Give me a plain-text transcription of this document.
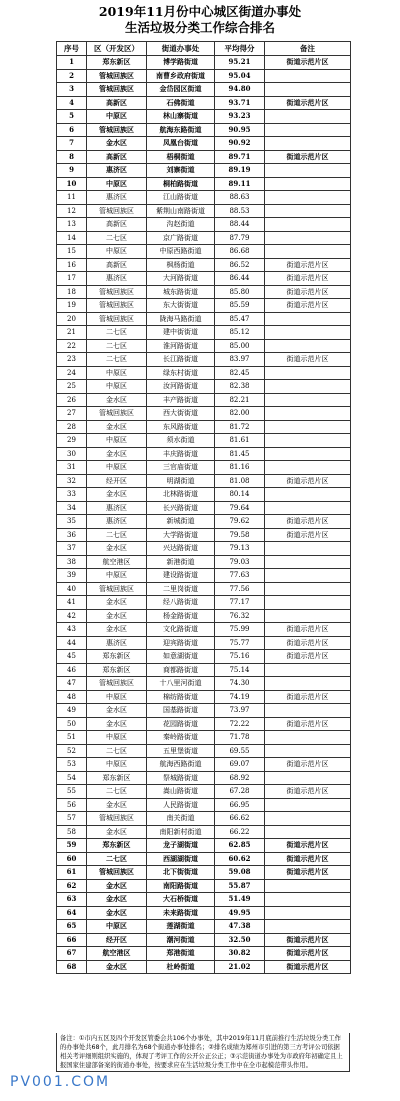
2019年11月份中心城区街道办事处
生活垃圾分类工作综合排名
序号	区（开发区）	街道办事处	平均得分	备注
1	郑东新区	博学路街道	95.21	街道示范片区
2	管城回族区	南曹乡政府街道	95.04	
3	管城回族区	金岱园区街道	94.80	
4	高新区	石佛街道	93.71	街道示范片区
5	中原区	林山寨街道	93.23	
6	管城回族区	航海东路街道	90.95	
7	金水区	凤凰台街道	90.92	
8	高新区	梧桐街道	89.71	街道示范片区
9	惠济区	刘寨街道	89.19	
10	中原区	桐柏路街道	89.11	
11	惠济区	江山路街道	88.63	
12	管城回族区	紫荆山南路街道	88.53	
13	高新区	沟赵街道	88.44	
14	二七区	京广路街道	87.79	
15	中原区	中原西路街道	86.68	
16	高新区	枫杨街道	86.52	街道示范片区
17	惠济区	大河路街道	86.44	街道示范片区
18	管城回族区	城东路街道	85.80	街道示范片区
19	管城回族区	东大街街道	85.59	街道示范片区
20	管城回族区	陇海马路街道	85.47	
21	二七区	建中街街道	85.12	
22	二七区	淮河路街道	85.00	
23	二七区	长江路街道	83.97	街道示范片区
24	中原区	绿东村街道	82.45	
25	中原区	汝河路街道	82.38	
26	金水区	丰产路街道	82.21	
27	管城回族区	西大街街道	82.00	
28	金水区	东风路街道	81.72	
29	中原区	须水街道	81.61	
30	金水区	丰庆路街道	81.45	
31	中原区	三官庙街道	81.16	
32	经开区	明湖街道	81.08	街道示范片区
33	金水区	北林路街道	80.14	
34	惠济区	长兴路街道	79.64	
35	惠济区	新城街道	79.62	街道示范片区
36	二七区	大学路街道	79.58	街道示范片区
37	金水区	兴达路街道	79.13	
38	航空港区	新港街道	79.03	
39	中原区	建设路街道	77.63	
40	管城回族区	二里岗街道	77.56	
41	金水区	经八路街道	77.17	
42	金水区	杨金路街道	76.32	
43	金水区	文化路街道	75.99	街道示范片区
44	惠济区	迎宾路街道	75.77	街道示范片区
45	郑东新区	如意湖街道	75.16	街道示范片区
46	郑东新区	商都路街道	75.14	
47	管城回族区	十八里河街道	74.30	
48	中原区	棉纺路街道	74.19	街道示范片区
49	金水区	国基路街道	73.97	
50	金水区	花园路街道	72.22	街道示范片区
51	中原区	秦岭路街道	71.78	
52	二七区	五里堡街道	69.55	
53	中原区	航海西路街道	69.07	街道示范片区
54	郑东新区	祭城路街道	68.92	
55	二七区	嵩山路街道	67.28	街道示范片区
56	金水区	人民路街道	66.95	
57	管城回族区	南关街道	66.62	
58	金水区	南阳新村街道	66.22	
59	郑东新区	龙子湖街道	62.85	街道示范片区
60	二七区	西湖湖街道	60.62	街道示范片区
61	管城回族区	北下街街道	59.08	街道示范片区
62	金水区	南阳路街道	55.87	
63	金水区	大石桥街道	51.49	
64	金水区	未来路街道	49.95	
65	中原区	莲湖街道	47.38	
66	经开区	潮河街道	32.50	街道示范片区
67	航空港区	郑港街道	30.82	街道示范片区
68	金水区	杜岭街道	21.02	街道示范片区
备注：①市内五区及四个开发区管委会共106个办事处，其中2019年11月底前推行生活垃圾分类工作的办事处共68个，此月排名为68个街道办事处排名；②排名成绩为郑州市引进的第三方考评公司依据相关考评细则组织实施的，体现了考评工作的公开公正公正；③示范街道办事处为市政府年初确定且上报国家住建部备案的街道办事处，按要求应在生活垃圾分类工作中在全市起模范带头作用。
PV001.COM
